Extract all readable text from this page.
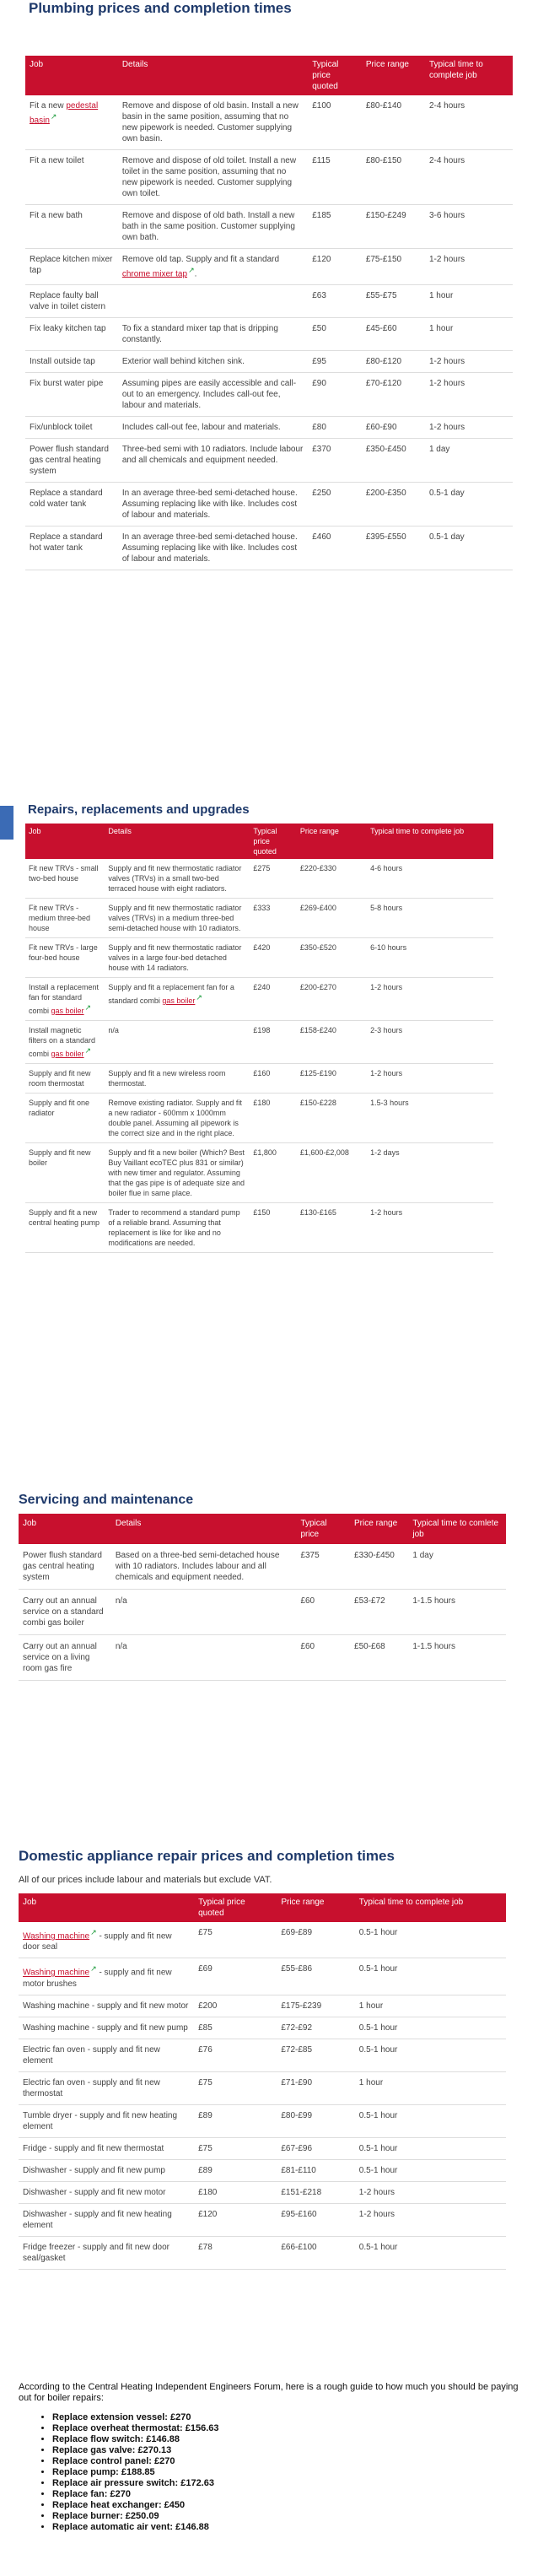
Plumbing prices and completion times
Job	Details	Typical price quoted	Price range	Typical time to complete job
Fit a new pedestal basin↗	Remove and dispose of old basin. Install a new basin in the same position, assuming that no new pipework is needed. Customer supplying own basin.	£100	£80-£140	2-4 hours
Fit a new toilet	Remove and dispose of old toilet. Install a new toilet in the same position, assuming that no new pipework is needed. Customer supplying own toilet.	£115	£80-£150	2-4 hours
Fit a new bath	Remove and dispose of old bath. Install a new bath in the same position. Customer supplying own bath.	£185	£150-£249	3-6 hours
Replace kitchen mixer tap	Remove old tap. Supply and fit a standard chrome mixer tap↗.	£120	£75-£150	1-2 hours
Replace faulty ball valve in toilet cistern		£63	£55-£75	1 hour
Fix leaky kitchen tap	To fix a standard mixer tap that is dripping constantly.	£50	£45-£60	1 hour
Install outside tap	Exterior wall behind kitchen sink.	£95	£80-£120	1-2 hours
Fix burst water pipe	Assuming pipes are easily accessible and call-out to an emergency. Includes call-out fee, labour and materials.	£90	£70-£120	1-2 hours
Fix/unblock toilet	Includes call-out fee, labour and materials.	£80	£60-£90	1-2 hours
Power flush standard gas central heating system	Three-bed semi with 10 radiators. Include labour and all chemicals and equipment needed.	£370	£350-£450	1 day
Replace a standard cold water tank	In an average three-bed semi-detached house. Assuming replacing like with like. Includes cost of labour and materials.	£250	£200-£350	0.5-1 day
Replace a standard hot water tank	In an average three-bed semi-detached house. Assuming replacing like with like. Includes cost of labour and materials.	£460	£395-£550	0.5-1 day
Repairs, replacements and upgrades
Job	Details	Typical price quoted	Price range	Typical time to complete job
Fit new TRVs - small two-bed house	Supply and fit new thermostatic radiator valves (TRVs) in a small two-bed terraced house with eight radiators.	£275	£220-£330	4-6 hours
Fit new TRVs - medium three-bed house	Supply and fit new thermostatic radiator valves (TRVs) in a medium three-bed semi-detached house with 10 radiators.	£333	£269-£400	5-8 hours
Fit new TRVs - large four-bed house	Supply and fit new thermostatic radiator valves in a large four-bed detached house with 14 radiators.	£420	£350-£520	6-10 hours
Install a replacement fan for standard combi gas boiler↗	Supply and fit a replacement fan for a standard combi gas boiler↗	£240	£200-£270	1-2 hours
Install magnetic filters on a standard combi gas boiler↗	n/a	£198	£158-£240	2-3 hours
Supply and fit new room thermostat	Supply and fit a new wireless room thermostat.	£160	£125-£190	1-2 hours
Supply and fit one radiator	Remove existing radiator. Supply and fit a new radiator - 600mm x 1000mm double panel. Assuming all pipework is the correct size and in the right place.	£180	£150-£228	1.5-3 hours
Supply and fit new boiler	Supply and fit a new boiler (Which? Best Buy Vaillant ecoTEC plus 831 or similar) with new timer and regulator. Assuming that the gas pipe is of adequate size and boiler flue in same place.	£1,800	£1,600-£2,008	1-2 days
Supply and fit a new central heating pump	Trader to recommend a standard pump of a reliable brand. Assuming that replacement is like for like and no modifications are needed.	£150	£130-£165	1-2 hours
Servicing and maintenance
Job	Details	Typical price	Price range	Typical time to comlete job
Power flush standard gas central heating system	Based on a three-bed semi-detached house with 10 radiators. Includes labour and all chemicals and equipment needed.	£375	£330-£450	1 day
Carry out an annual service on a standard combi gas boiler	n/a	£60	£53-£72	1-1.5 hours
Carry out an annual service on a living room gas fire	n/a	£60	£50-£68	1-1.5 hours
Domestic appliance repair prices and completion times

All of our prices include labour and materials but exclude VAT.

Job	Typical price quoted	Price range	Typical time to complete job
Washing machine↗ - supply and fit new door seal	£75	£69-£89	0.5-1 hour
Washing machine↗ - supply and fit new motor brushes	£69	£55-£86	0.5-1 hour
Washing machine - supply and fit new motor	£200	£175-£239	1 hour
Washing machine - supply and fit new pump	£85	£72-£92	0.5-1 hour
Electric fan oven - supply and fit new element	£76	£72-£85	0.5-1 hour
Electric fan oven - supply and fit new thermostat	£75	£71-£90	1 hour
Tumble dryer - supply and fit new heating element	£89	£80-£99	0.5-1 hour
Fridge - supply and fit new thermostat	£75	£67-£96	0.5-1 hour
Dishwasher - supply and fit new pump	£89	£81-£110	0.5-1 hour
Dishwasher - supply and fit new motor	£180	£151-£218	1-2 hours
Dishwasher - supply and fit new heating element	£120	£95-£160	1-2 hours
Fridge freezer - supply and fit new door seal/gasket	£78	£66-£100	0.5-1 hour

According to the Central Heating Independent Engineers Forum, here is a rough guide to how much you should be paying out for boiler repairs:

• Replace extension vessel: £270
• Replace overheat thermostat: £156.63
• Replace flow switch: £146.88
• Replace gas valve: £270.13
• Replace control panel: £270
• Replace pump: £188.85
• Replace air pressure switch: £172.63
• Replace fan: £270
• Replace heat exchanger: £450
• Replace burner: £250.09
• Replace automatic air vent: £146.88
